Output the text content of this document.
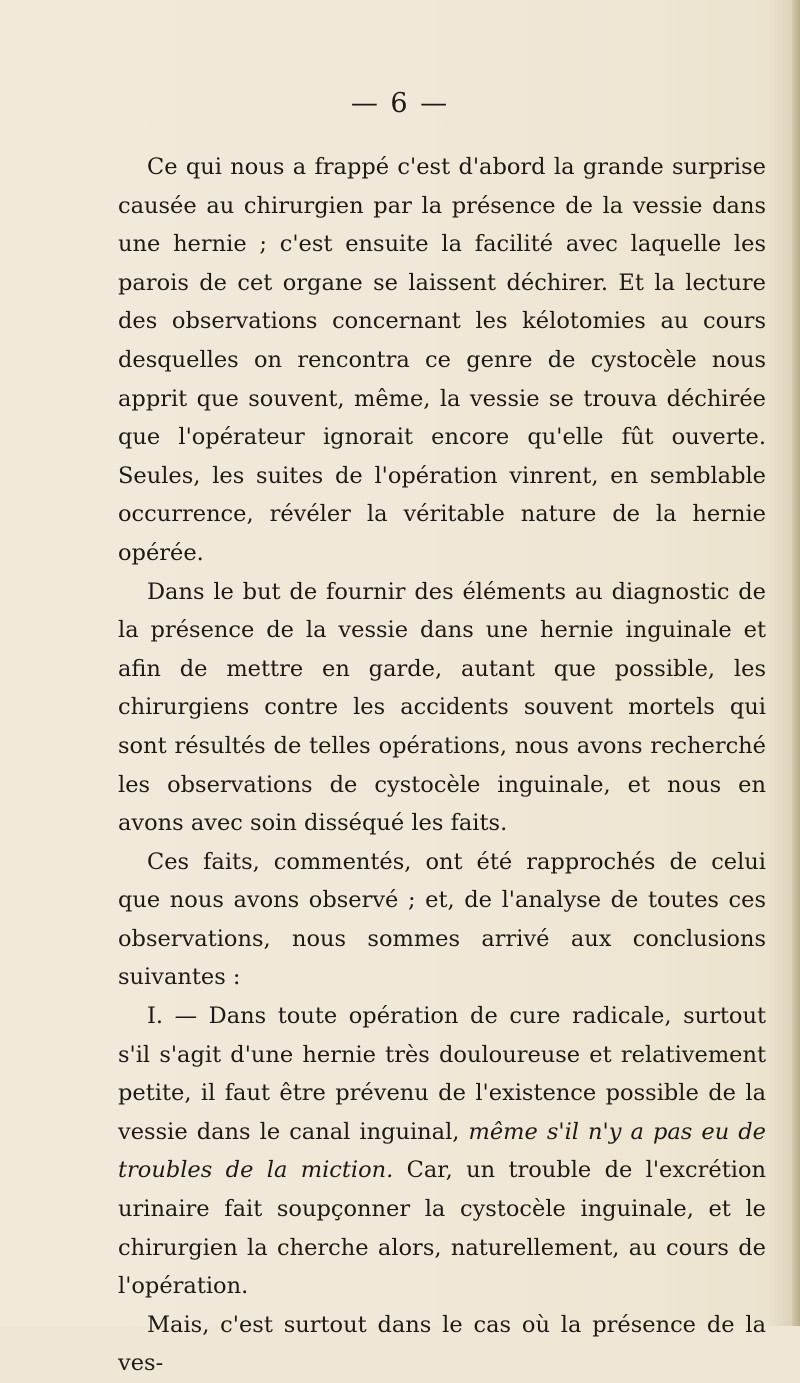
— 6 —

Ce qui nous a frappé c'est d'abord la grande surprise causée au chirurgien par la présence de la vessie dans une hernie ; c'est ensuite la facilité avec laquelle les parois de cet organe se laissent déchirer. Et la lecture des observations concernant les kélotomies au cours desquelles on rencontra ce genre de cystocèle nous apprit que souvent, même, la vessie se trouva déchirée que l'opérateur ignorait encore qu'elle fût ouverte. Seules, les suites de l'opération vinrent, en semblable occurrence, révéler la véritable nature de la hernie opérée.

Dans le but de fournir des éléments au diagnostic de la présence de la vessie dans une hernie inguinale et afin de mettre en garde, autant que possible, les chirurgiens contre les accidents souvent mortels qui sont résultés de telles opérations, nous avons recherché les observations de cystocèle inguinale, et nous en avons avec soin disséqué les faits.

Ces faits, commentés, ont été rapprochés de celui que nous avons observé ; et, de l'analyse de toutes ces observations, nous sommes arrivé aux conclusions suivantes :

I. — Dans toute opération de cure radicale, surtout s'il s'agit d'une hernie très douloureuse et relativement petite, il faut être prévenu de l'existence possible de la vessie dans le canal inguinal, même s'il n'y a pas eu de troubles de la miction. Car, un trouble de l'excrétion urinaire fait soupçonner la cystocèle inguinale, et le chirurgien la cherche alors, naturellement, au cours de l'opération.

Mais, c'est surtout dans le cas où la présence de la ves-
